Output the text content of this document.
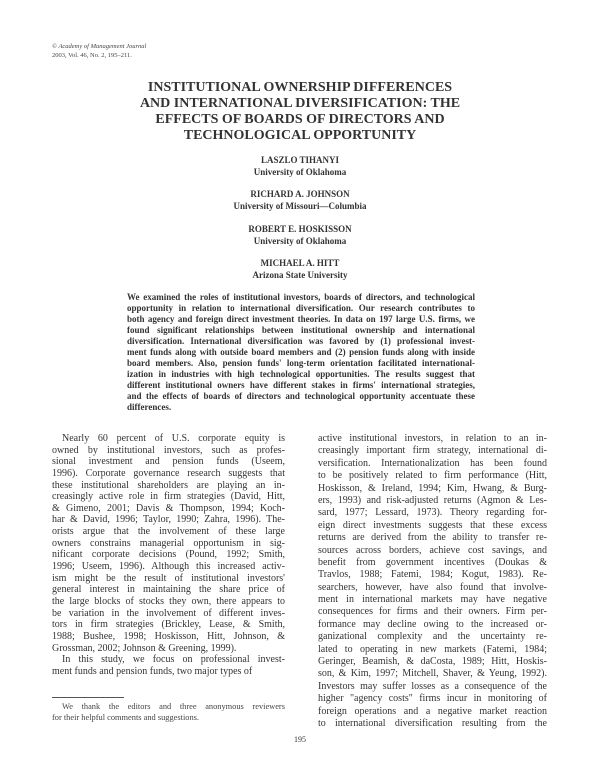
© Academy of Management Journal
2003, Vol. 46, No. 2, 195–211.
INSTITUTIONAL OWNERSHIP DIFFERENCES
AND INTERNATIONAL DIVERSIFICATION: THE
EFFECTS OF BOARDS OF DIRECTORS AND
TECHNOLOGICAL OPPORTUNITY
LASZLO TIHANYI
University of Oklahoma
RICHARD A. JOHNSON
University of Missouri—Columbia
ROBERT E. HOSKISSON
University of Oklahoma
MICHAEL A. HITT
Arizona State University
We examined the roles of institutional investors, boards of directors, and technological
opportunity in relation to international diversification. Our research contributes to
both agency and foreign direct investment theories. In data on 197 large U.S. firms, we
found significant relationships between institutional ownership and international
diversification. International diversification was favored by (1) professional invest-
ment funds along with outside board members and (2) pension funds along with inside
board members. Also, pension funds' long-term orientation facilitated international-
ization in industries with high technological opportunities. The results suggest that
different institutional owners have different stakes in firms' international strategies,
and the effects of boards of directors and technological opportunity accentuate these
differences.
Nearly 60 percent of U.S. corporate equity is
owned by institutional investors, such as profes-
sional investment and pension funds (Useem,
1996). Corporate governance research suggests that
these institutional shareholders are playing an in-
creasingly active role in firm strategies (David, Hitt,
& Gimeno, 2001; Davis & Thompson, 1994; Koch-
har & David, 1996; Taylor, 1990; Zahra, 1996). The-
orists argue that the involvement of these large
owners constrains managerial opportunism in sig-
nificant corporate decisions (Pound, 1992; Smith,
1996; Useem, 1996). Although this increased activ-
ism might be the result of institutional investors'
general interest in maintaining the share price of
the large blocks of stocks they own, there appears to
be variation in the involvement of different inves-
tors in firm strategies (Brickley, Lease, & Smith,
1988; Bushee, 1998; Hoskisson, Hitt, Johnson, &
Grossman, 2002; Johnson & Greening, 1999).
In this study, we focus on professional invest-
ment funds and pension funds, two major types of
active institutional investors, in relation to an in-
creasingly important firm strategy, international di-
versification. Internationalization has been found
to be positively related to firm performance (Hitt,
Hoskisson, & Ireland, 1994; Kim, Hwang, & Burg-
ers, 1993) and risk-adjusted returns (Agmon & Les-
sard, 1977; Lessard, 1973). Theory regarding for-
eign direct investments suggests that these excess
returns are derived from the ability to transfer re-
sources across borders, achieve cost savings, and
benefit from government incentives (Doukas &
Travlos, 1988; Fatemi, 1984; Kogut, 1983). Re-
searchers, however, have also found that involve-
ment in international markets may have negative
consequences for firms and their owners. Firm per-
formance may decline owing to the increased or-
ganizational complexity and the uncertainty re-
lated to operating in new markets (Fatemi, 1984;
Geringer, Beamish, & daCosta, 1989; Hitt, Hoskis-
son, & Kim, 1997; Mitchell, Shaver, & Yeung, 1992).
Investors may suffer losses as a consequence of the
higher "agency costs" firms incur in monitoring of
foreign operations and a negative market reaction
to international diversification resulting from the
We thank the editors and three anonymous reviewers
for their helpful comments and suggestions.
195
